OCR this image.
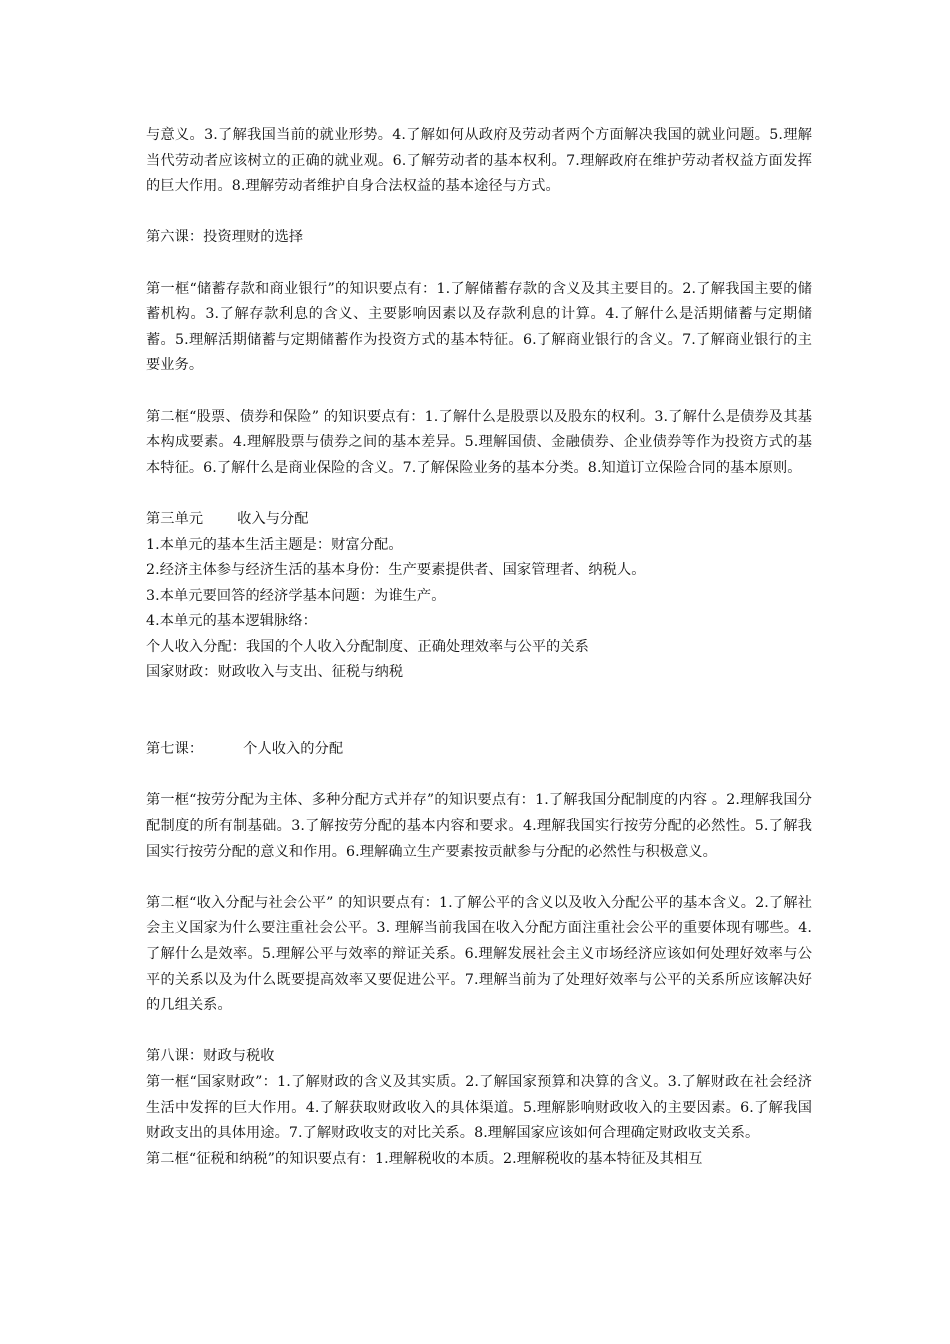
与意义。3.了解我国当前的就业形势。4.了解如何从政府及劳动者两个方面解决我国的就业问题。5.理解当代劳动者应该树立的正确的就业观。6.了解劳动者的基本权利。7.理解政府在维护劳动者权益方面发挥的巨大作用。8.理解劳动者维护自身合法权益的基本途径与方式。

第六课：投资理财的选择

第一框“储蓄存款和商业银行”的知识要点有：1.了解储蓄存款的含义及其主要目的。2.了解我国主要的储蓄机构。3.了解存款利息的含义、主要影响因素以及存款利息的计算。4.了解什么是活期储蓄与定期储蓄。5.理解活期储蓄与定期储蓄作为投资方式的基本特征。6.了解商业银行的含义。7.了解商业银行的主要业务。

第二框“股票、债券和保险” 的知识要点有：1.了解什么是股票以及股东的权利。3.了解什么是债券及其基本构成要素。4.理解股票与债券之间的基本差异。5.理解国债、金融债券、企业债券等作为投资方式的基本特征。6.了解什么是商业保险的含义。7.了解保险业务的基本分类。8.知道订立保险合同的基本原则。

第三单元 收入与分配

1.本单元的基本生活主题是：财富分配。

2.经济主体参与经济生活的基本身份：生产要素提供者、国家管理者、纳税人。

3.本单元要回答的经济学基本问题：为谁生产。

4.本单元的基本逻辑脉络：

个人收入分配：我国的个人收入分配制度、正确处理效率与公平的关系

国家财政：财政收入与支出、征税与纳税

第七课：	个人收入的分配

第一框“按劳分配为主体、多种分配方式并存”的知识要点有：1.了解我国分配制度的内容 。2.理解我国分配制度的所有制基础。3.了解按劳分配的基本内容和要求。4.理解我国实行按劳分配的必然性。5.了解我国实行按劳分配的意义和作用。6.理解确立生产要素按贡献参与分配的必然性与积极意义。

第二框“收入分配与社会公平” 的知识要点有：1.了解公平的含义以及收入分配公平的基本含义。2.了解社会主义国家为什么要注重社会公平。3. 理解当前我国在收入分配方面注重社会公平的重要体现有哪些。4.了解什么是效率。5.理解公平与效率的辩证关系。6.理解发展社会主义市场经济应该如何处理好效率与公平的关系以及为什么既要提高效率又要促进公平。7.理解当前为了处理好效率与公平的关系所应该解决好的几组关系。

第八课：财政与税收

第一框“国家财政”：1.了解财政的含义及其实质。2.了解国家预算和决算的含义。3.了解财政在社会经济生活中发挥的巨大作用。4.了解获取财政收入的具体渠道。5.理解影响财政收入的主要因素。6.了解我国财政支出的具体用途。7.了解财政收支的对比关系。8.理解国家应该如何合理确定财政收支关系。

第二框“征税和纳税”的知识要点有：1.理解税收的本质。2.理解税收的基本特征及其相互
